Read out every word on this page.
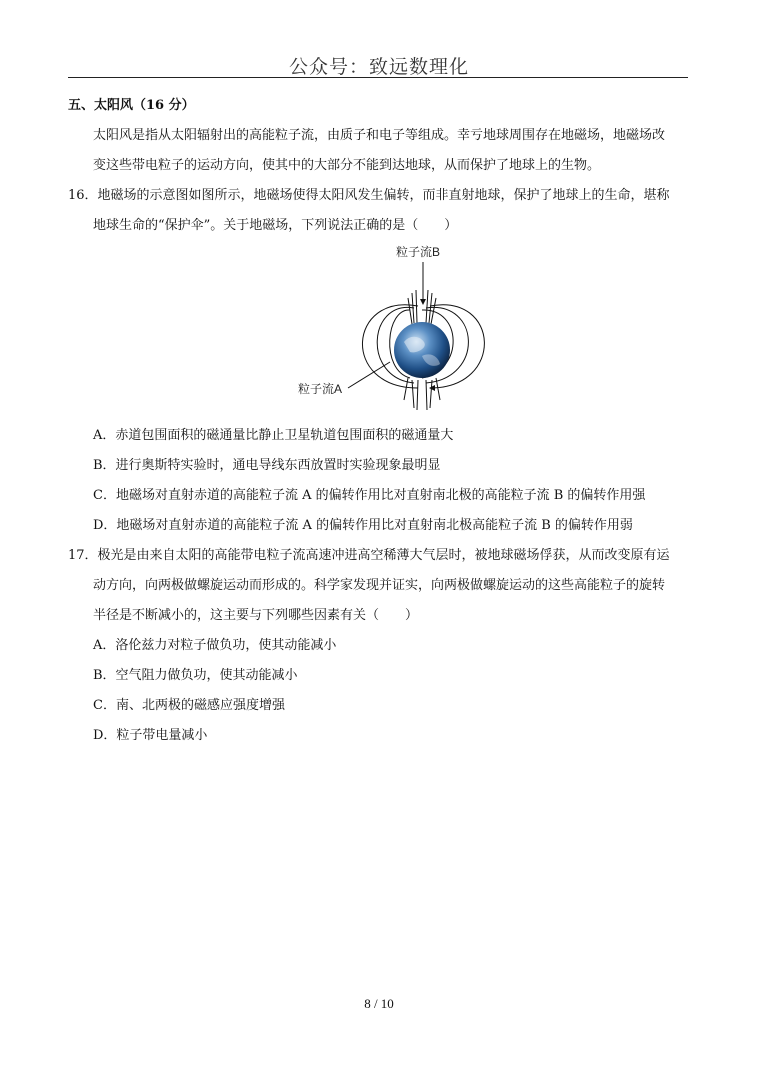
公众号：致远数理化
五、太阳风（16 分）
太阳风是指从太阳辐射出的高能粒子流，由质子和电子等组成。幸亏地球周围存在地磁场，地磁场改
变这些带电粒子的运动方向，使其中的大部分不能到达地球，从而保护了地球上的生物。
16．地磁场的示意图如图所示，地磁场使得太阳风发生偏转，而非直射地球，保护了地球上的生命，堪称
地球生命的“保护伞”。关于地磁场，下列说法正确的是（　　）
粒子流B
粒子流A
A．赤道包围面积的磁通量比静止卫星轨道包围面积的磁通量大
B．进行奥斯特实验时，通电导线东西放置时实验现象最明显
C．地磁场对直射赤道的高能粒子流 A 的偏转作用比对直射南北极的高能粒子流 B 的偏转作用强
D．地磁场对直射赤道的高能粒子流 A 的偏转作用比对直射南北极高能粒子流 B 的偏转作用弱
17．极光是由来自太阳的高能带电粒子流高速冲进高空稀薄大气层时，被地球磁场俘获，从而改变原有运
动方向，向两极做螺旋运动而形成的。科学家发现并证实，向两极做螺旋运动的这些高能粒子的旋转
半径是不断减小的，这主要与下列哪些因素有关（　　）
A．洛伦兹力对粒子做负功，使其动能减小
B．空气阻力做负功，使其动能减小
C．南、北两极的磁感应强度增强
D．粒子带电量减小
8 / 10
